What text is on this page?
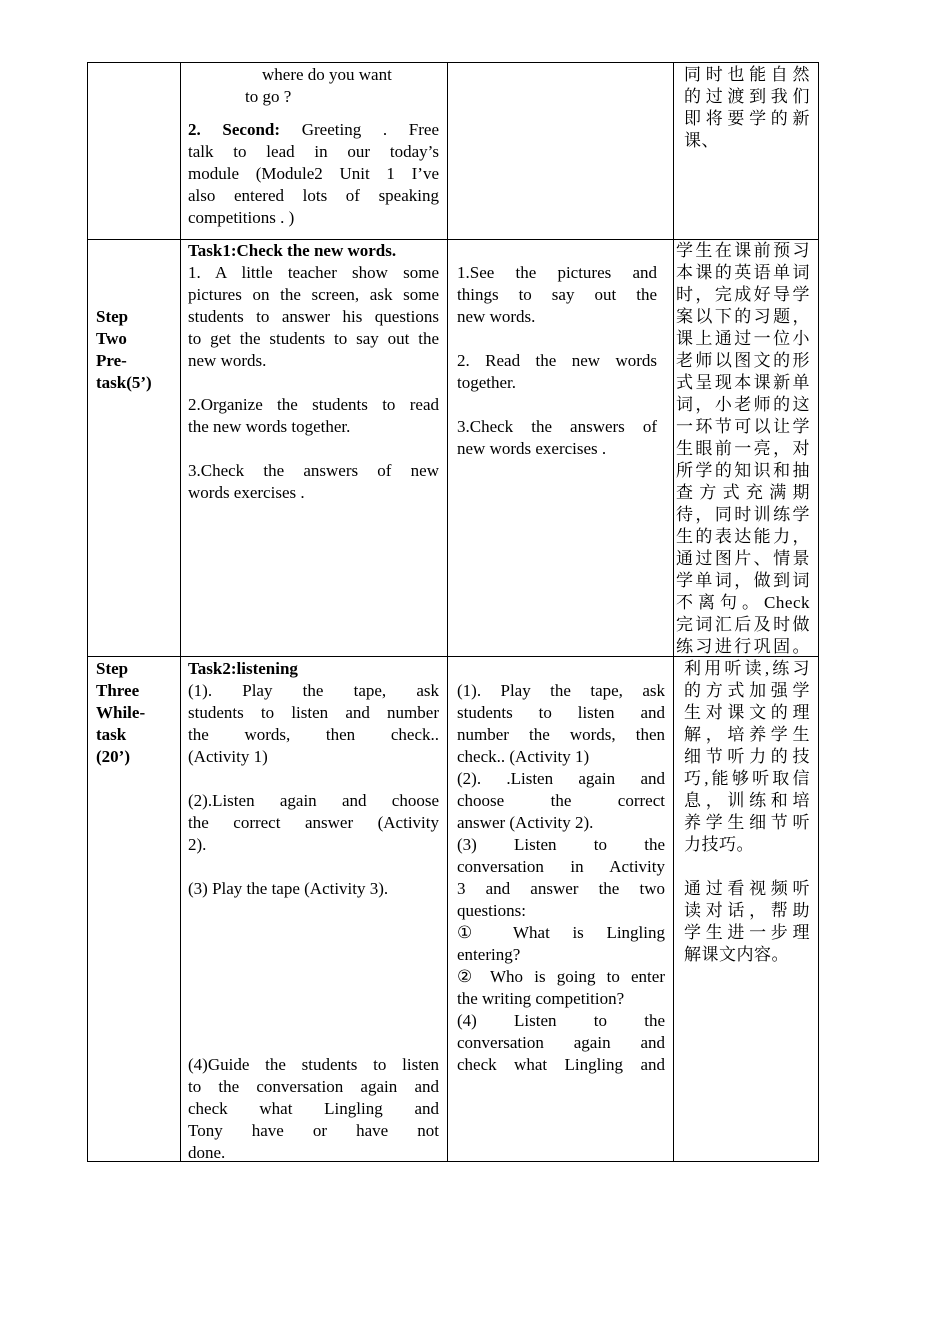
where do you want
to go ?
2. Second: Greeting . Free
talk to lead in our today’s
module (Module2 Unit 1 I’ve
also entered lots of speaking
competitions . )
同时也能自然
的过渡到我们
即将要学的新
课、
Step
Two
Pre-
task(5’)
Task1:Check the new words.
1. A little teacher show some
pictures on the screen, ask some
students to answer his questions
to get the students to say out the
new words.
2.Organize the students to read
the new words together.
3.Check the answers of new
words exercises .
1.See the pictures and
things to say out the
new words.
2. Read the new words
together.
3.Check the answers of
new words exercises .
学生在课前预习
本课的英语单词
时，完成好导学
案以下的习题，
课上通过一位小
老师以图文的形
式呈现本课新单
词，小老师的这
一环节可以让学
生眼前一亮，对
所学的知识和抽
查方式充满期
待，同时训练学
生的表达能力，
通过图片、情景
学单词，做到词
不离句。Check
完词汇后及时做
练习进行巩固。
Step
Three
While-
task
(20’)
Task2:listening
(1). Play the tape, ask
students to listen and number
the words, then check..
(Activity 1)
(2).Listen again and choose
the correct answer (Activity
2).
(3) Play the tape (Activity 3).
(4)Guide the students to listen
to the conversation again and
check what Lingling and
Tony have or have not
done.
(1). Play the tape, ask
students to listen and
number the words, then
check.. (Activity 1)
(2). .Listen again and
choose the correct
answer (Activity 2).
(3) Listen to the
conversation in Activity
3 and answer the two
questions:
① What is Lingling
entering?
② Who is going to enter
the writing competition?
(4) Listen to the
conversation again and
check what Lingling and
利用听读,练习
的方式加强学
生对课文的理
解，培养学生
细节听力的技
巧,能够听取信
息，训练和培
养学生细节听
力技巧。
通过看视频听
读对话，帮助
学生进一步理
解课文内容。
